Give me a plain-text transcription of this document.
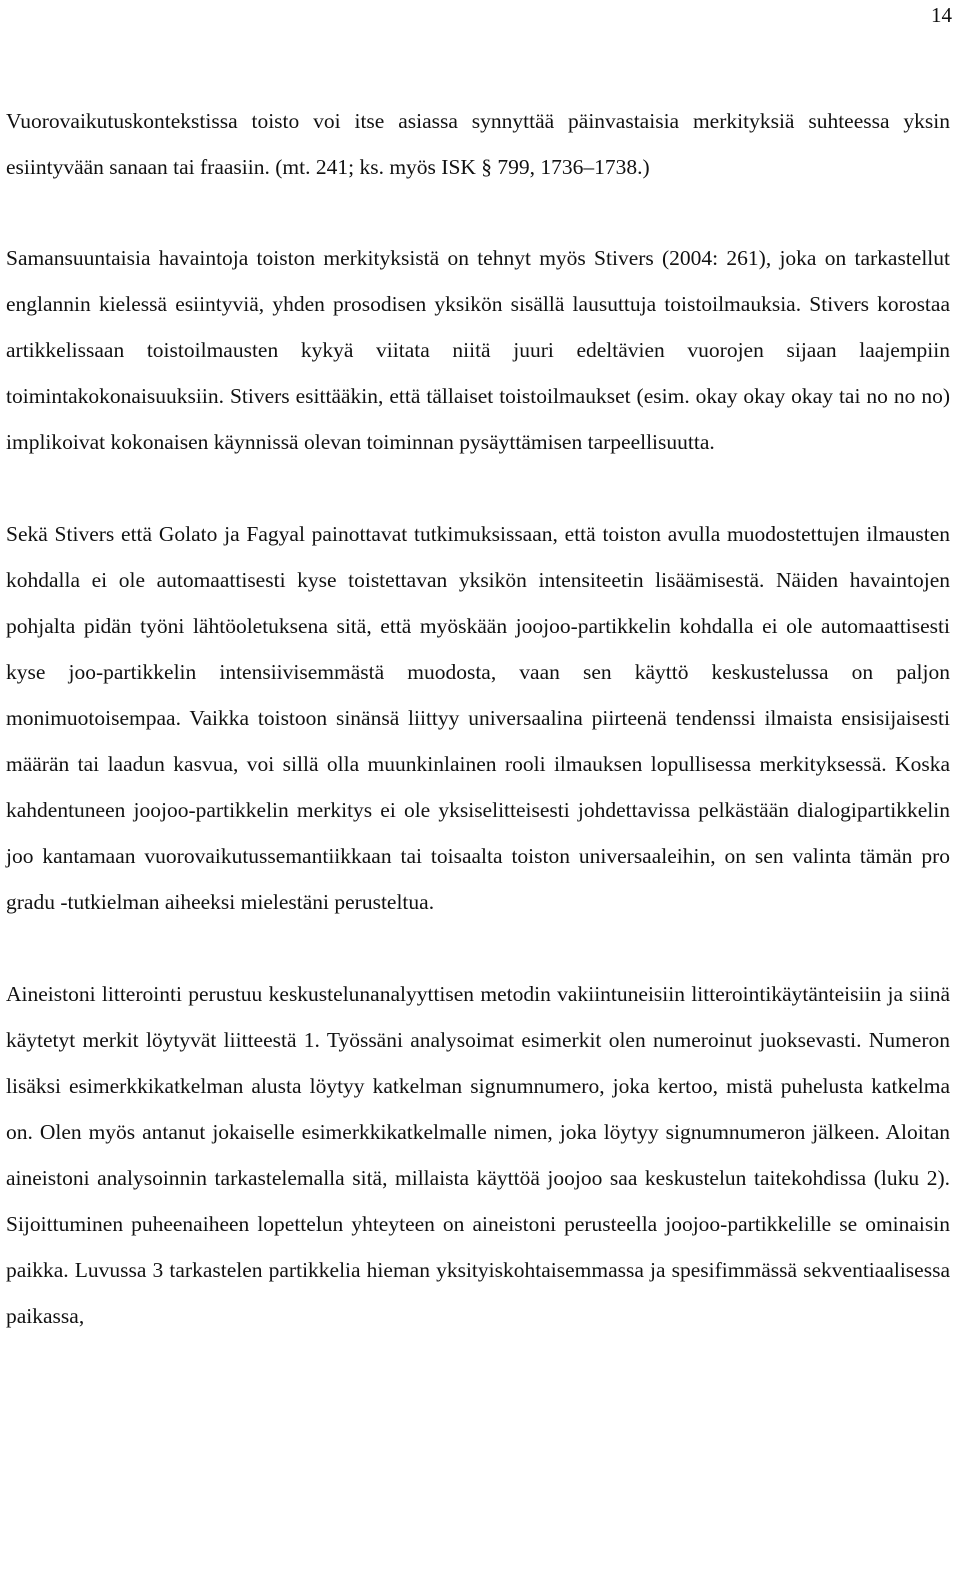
14

Vuorovaikutuskontekstissa toisto voi itse asiassa synnyttää päinvastaisia merkityksiä suhteessa yksin esiintyvään sanaan tai fraasiin. (mt. 241; ks. myös ISK § 799, 1736–1738.)

Samansuuntaisia havaintoja toiston merkityksistä on tehnyt myös Stivers (2004: 261), joka on tarkastellut englannin kielessä esiintyviä, yhden prosodisen yksikön sisällä lausuttuja toistoilmauksia. Stivers korostaa artikkelissaan toistoilmausten kykyä viitata niitä juuri edeltävien vuorojen sijaan laajempiin toimintakokonaisuuksiin. Stivers esittääkin, että tällaiset toistoilmaukset (esim. okay okay okay tai no no no) implikoivat kokonaisen käynnissä olevan toiminnan pysäyttämisen tarpeellisuutta.

Sekä Stivers että Golato ja Fagyal painottavat tutkimuksissaan, että toiston avulla muodostettujen ilmausten kohdalla ei ole automaattisesti kyse toistettavan yksikön intensiteetin lisäämisestä. Näiden havaintojen pohjalta pidän työni lähtöoletuksena sitä, että myöskään joojoo-partikkelin kohdalla ei ole automaattisesti kyse joo-partikkelin intensiivisemmästä muodosta, vaan sen käyttö keskustelussa on paljon monimuotoisempaa. Vaikka toistoon sinänsä liittyy universaalina piirteenä tendenssi ilmaista ensisijaisesti määrän tai laadun kasvua, voi sillä olla muunkinlainen rooli ilmauksen lopullisessa merkityksessä. Koska kahdentuneen joojoo-partikkelin merkitys ei ole yksiselitteisesti johdettavissa pelkästään dialogipartikkelin joo kantamaan vuorovaikutussemantiikkaan tai toisaalta toiston universaaleihin, on sen valinta tämän pro gradu -tutkielman aiheeksi mielestäni perusteltua.

Aineistoni litterointi perustuu keskustelunanalyyttisen metodin vakiintuneisiin litterointikäytänteisiin ja siinä käytetyt merkit löytyvät liitteestä 1. Työssäni analysoimat esimerkit olen numeroinut juoksevasti. Numeron lisäksi esimerkkikatkelman alusta löytyy katkelman signumnumero, joka kertoo, mistä puhelusta katkelma on. Olen myös antanut jokaiselle esimerkkikatkelmalle nimen, joka löytyy signumnumeron jälkeen. Aloitan aineistoni analysoinnin tarkastelemalla sitä, millaista käyttöä joojoo saa keskustelun taitekohdissa (luku 2). Sijoittuminen puheenaiheen lopettelun yhteyteen on aineistoni perusteella joojoo-partikkelille se ominaisin paikka. Luvussa 3 tarkastelen partikkelia hieman yksityiskohtaisemmassa ja spesifimmässä sekventiaalisessa paikassa,
